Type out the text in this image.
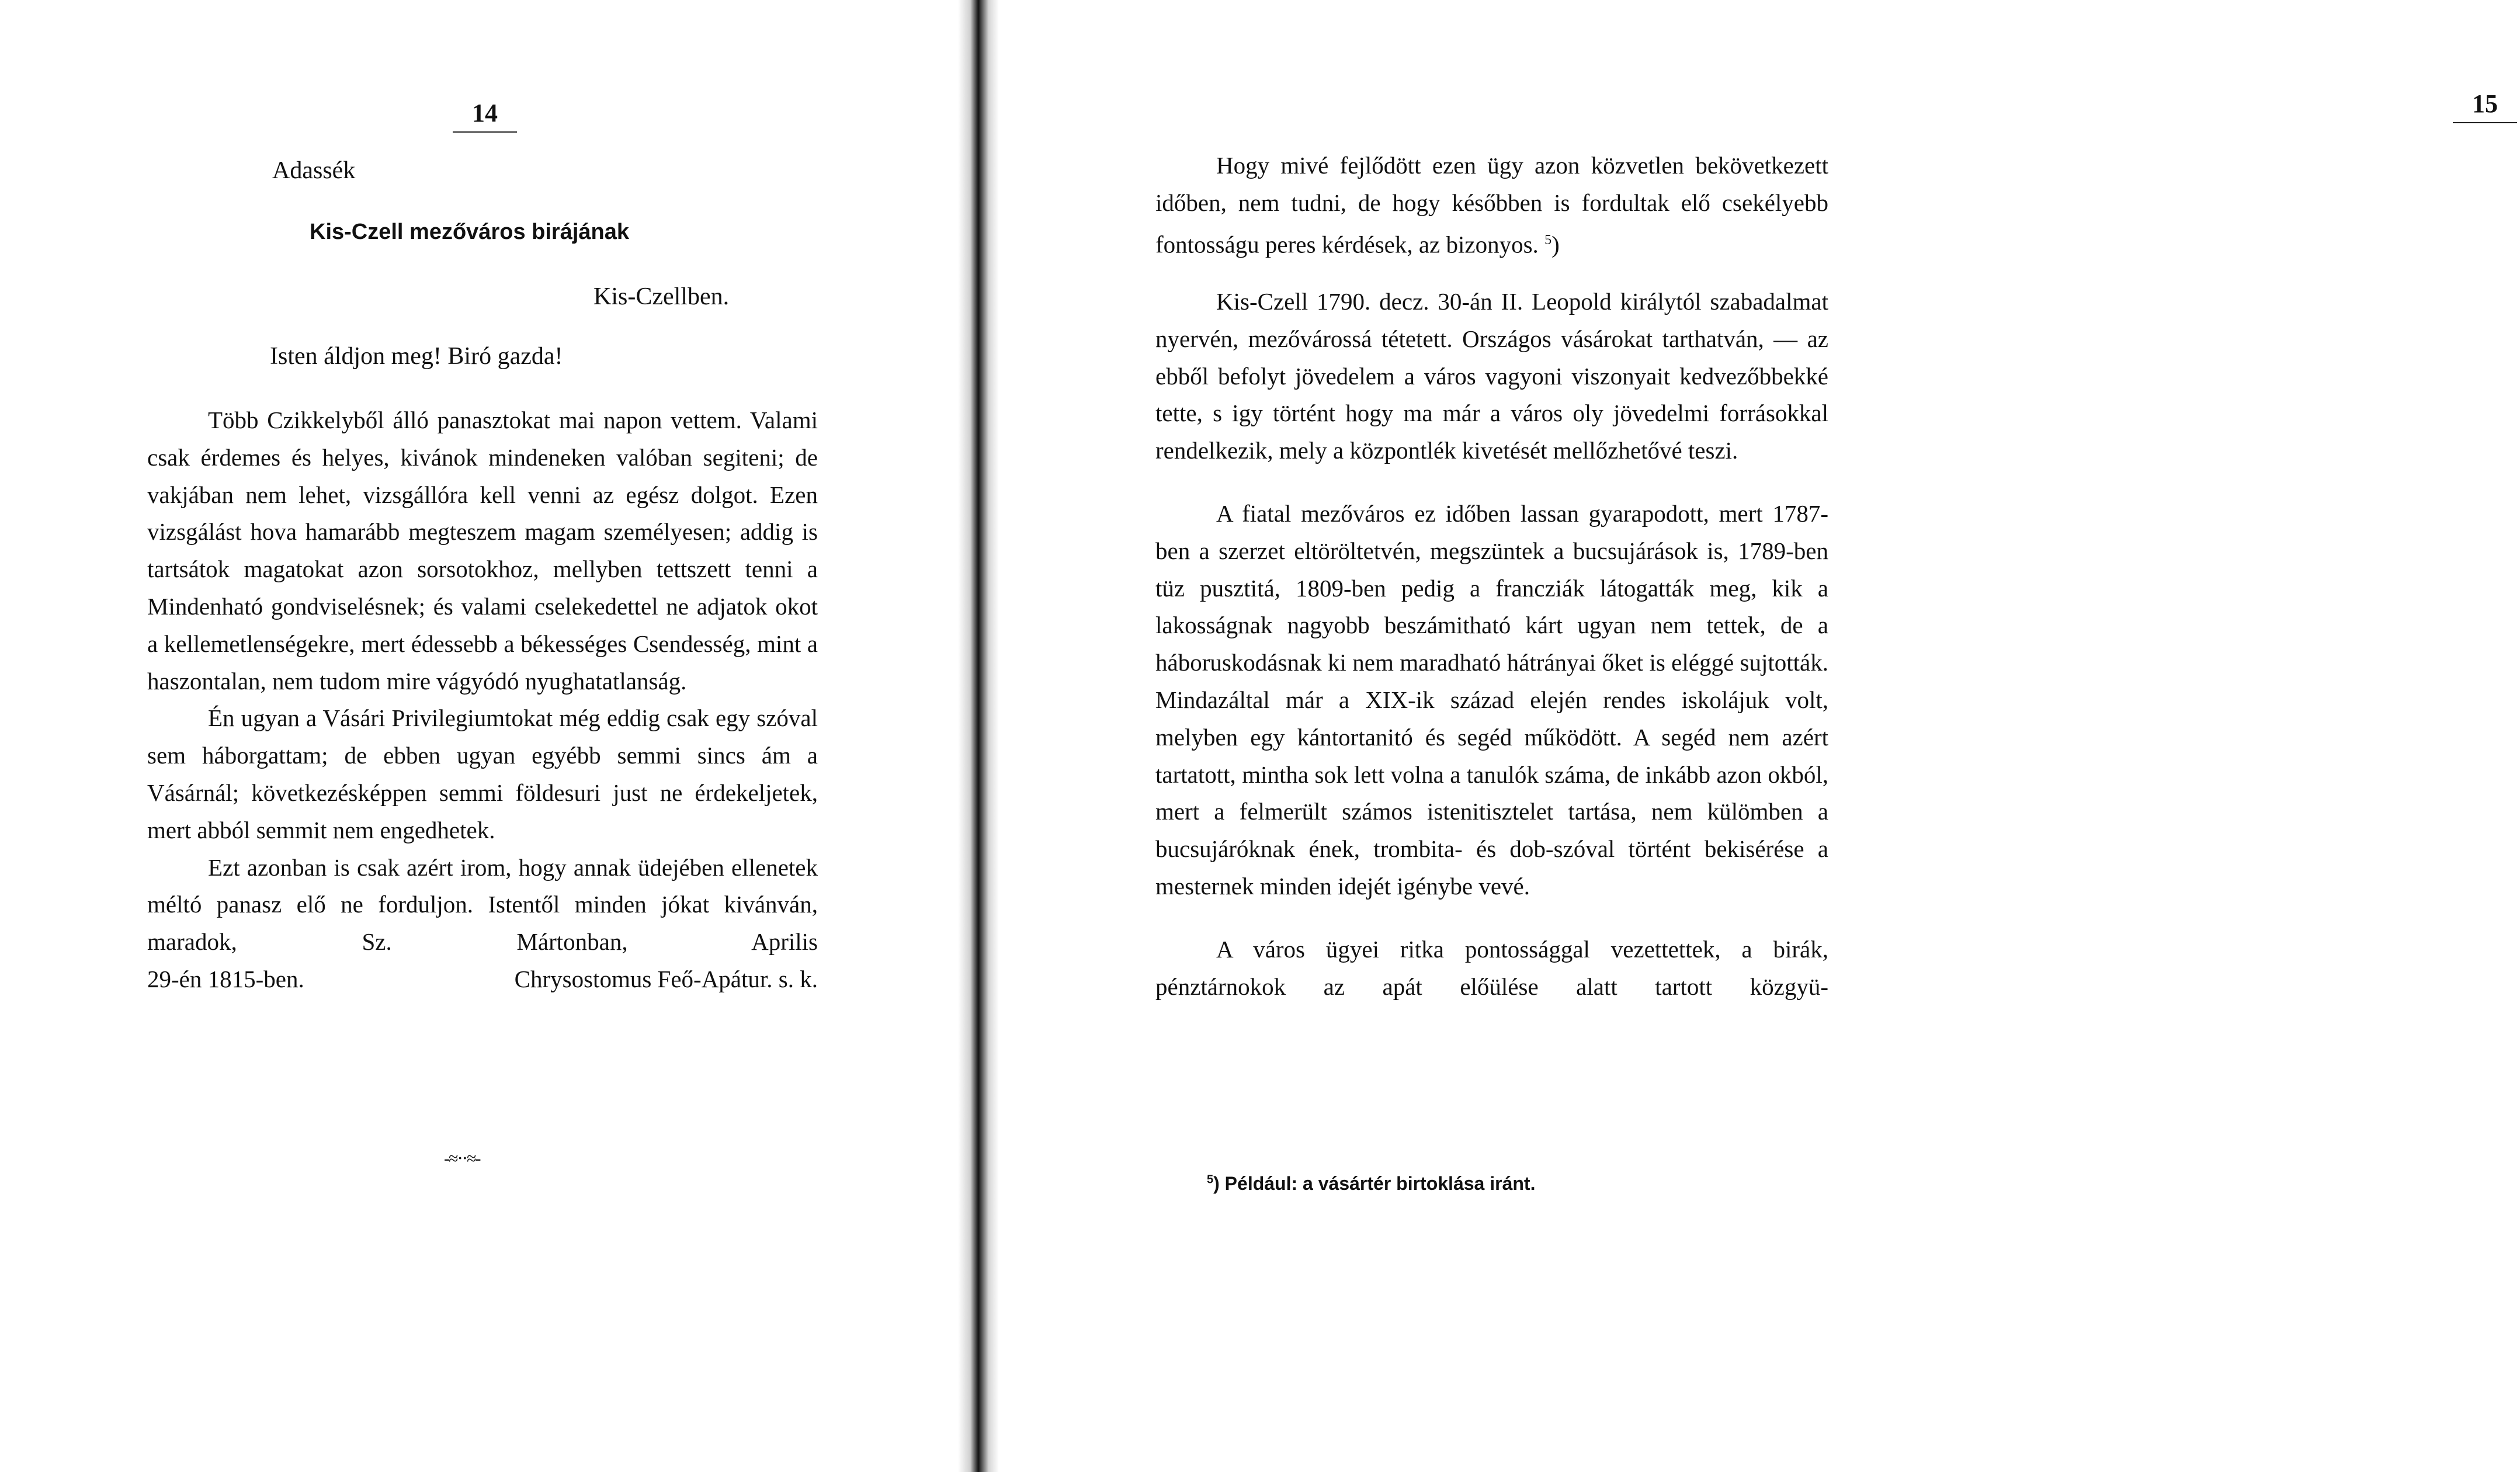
14
Adassék
Kis-Czell mezőváros birájának
Kis-Czellben.
Isten áldjon meg! Biró gazda!

Több Czikkelyből álló panasztokat mai napon vettem. Valami csak érdemes és helyes, kivánok mindeneken valóban segiteni; de vakjában nem lehet, vizsgállóra kell venni az egész dolgot. Ezen vizsgálást hova hamarább megteszem magam személyesen; addig is tartsátok magatokat azon sorsotokhoz, mellyben tettszett tenni a Mindenható gondviselésnek; és valami cselekedettel ne adjatok okot a kellemetlenségekre, mert édessebb a békességes Csendesség, mint a haszontalan, nem tudom mire vágyódó nyughatatlanság.

Én ugyan a Vásári Privilegiumtokat még eddig csak egy szóval sem háborgattam; de ebben ugyan egyébb semmi sincs ám a Vásárnál; következésképpen semmi földesuri just ne érdekeljetek, mert abból semmit nem engedhetek.

Ezt azonban is csak azért irom, hogy annak üdejében ellenetek méltó panasz elő ne forduljon. Istentől minden jókat kivánván, maradok, Sz. Mártonban, Aprilis

29-én 1815-ben.	Chrysostomus Feő-Apátur. s. k.
-≈⋅⋅≈-
15

Hogy mivé fejlődött ezen ügy azon közvetlen bekövetkezett időben, nem tudni, de hogy későbben is fordultak elő csekélyebb fontosságu peres kérdések, az bizonyos. $^5$)

Kis-Czell 1790. decz. 30-án II. Leopold királytól szabadalmat nyervén, mezővárossá tétetett. Országos vásárokat tarthatván, — az ebből befolyt jövedelem a város vagyoni viszonyait kedvezőbbekké tette, s igy történt hogy ma már a város oly jövedelmi forrásokkal rendelkezik, mely a központlék kivetését mellőzhetővé teszi.

A fiatal mezőváros ez időben lassan gyarapodott, mert 1787-ben a szerzet eltöröltetvén, megszüntek a bucsujárások is, 1789-ben tüz pusztitá, 1809-ben pedig a francziák látogatták meg, kik a lakosságnak nagyobb beszámitható kárt ugyan nem tettek, de a háboruskodásnak ki nem maradható hátrányai őket is eléggé sujtották. Mindazáltal már a XIX-ik század elején rendes iskolájuk volt, melyben egy kántortanitó és segéd működött. A segéd nem azért tartatott, mintha sok lett volna a tanulók száma, de inkább azon okból, mert a felmerült számos istenitisztelet tartása, nem külömben a bucsujáróknak ének, trombita- és dob-szóval történt bekisérése a mesternek minden idejét igénybe vevé.

A város ügyei ritka pontossággal vezettettek, a birák, pénztárnokok az apát előülése alatt tartott közgyü-

$^5$) Például: a vásártér birtoklása iránt.
